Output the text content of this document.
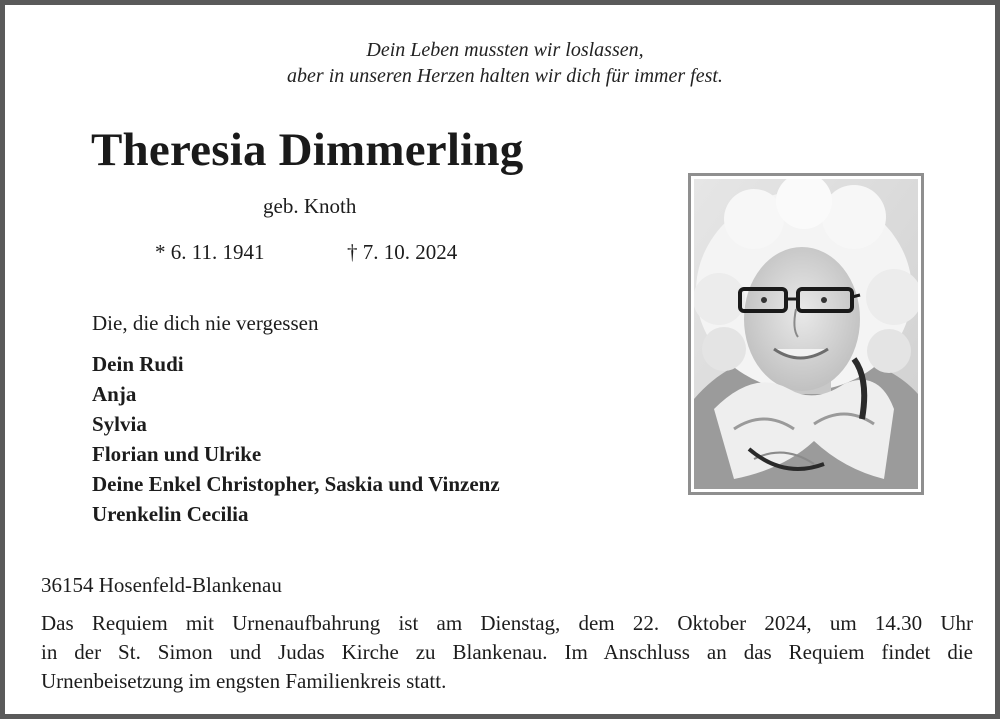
Dein Leben mussten wir loslassen,
aber in unseren Herzen halten wir dich für immer fest.
Theresia Dimmerling
geb. Knoth
* 6. 11. 1941	† 7. 10. 2024
Die, die dich nie vergessen
Dein Rudi
Anja
Sylvia
Florian und Ulrike
Deine Enkel Christopher, Saskia und Vinzenz
Urenkelin Cecilia
36154 Hosenfeld-Blankenau
Das Requiem mit Urnenaufbahrung ist am Dienstag, dem 22. Oktober 2024, um 14.30 Uhr
in der St. Simon und Judas Kirche zu Blankenau. Im Anschluss an das Requiem findet die
Urnenbeisetzung im engsten Familienkreis statt.
